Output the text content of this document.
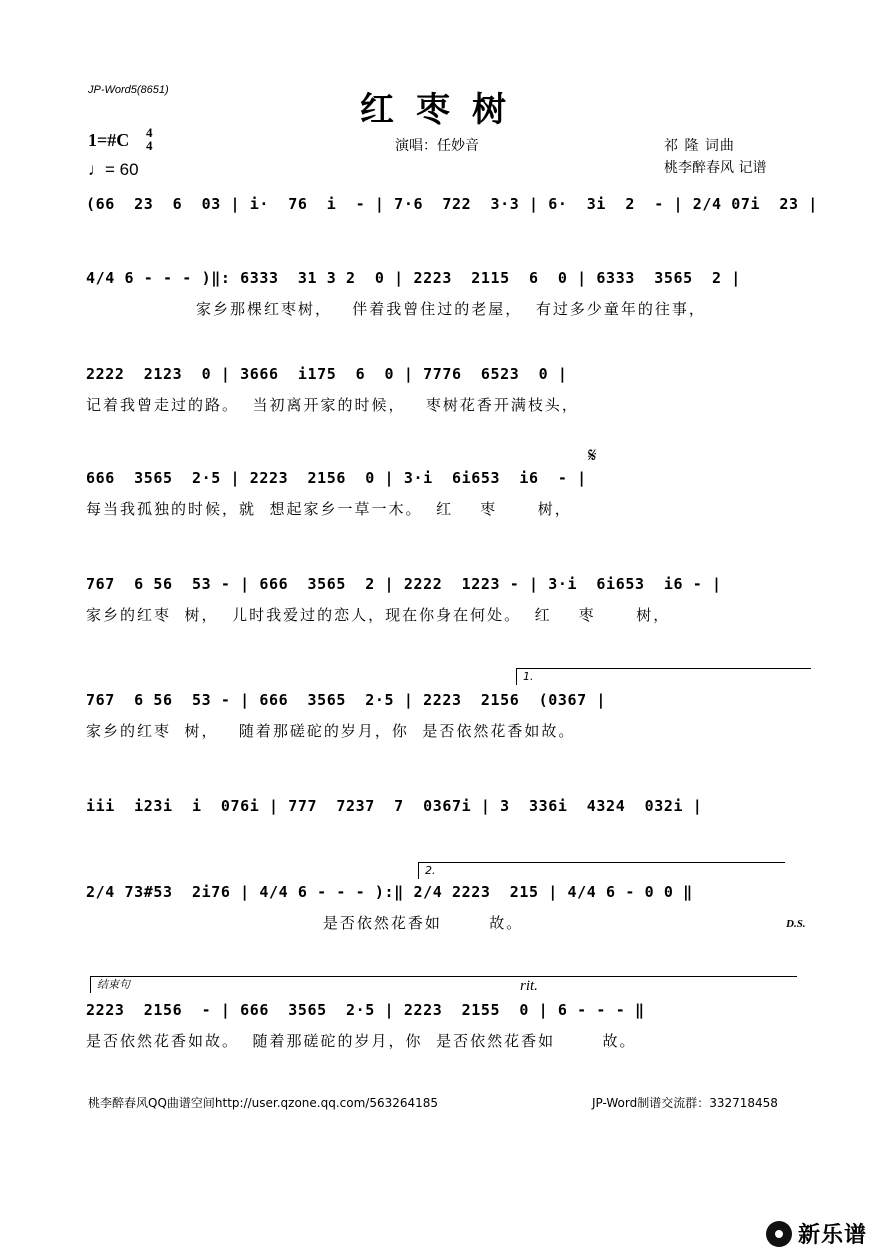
JP-Word5(8651)	红枣树
1=#C 4
4
♩= 60
演唱：任妙音	祁 隆 词曲
桃李醉春风 记谱
𝄋
rit.
D.S.
1.
2.
结束句
(66  23  6  03 | i·  76  i  - | 7·6  722  3·3 | 6·  3i  2  - | 2/4 07i  23 |
4/4 6 - - - )‖: 6333  31 3 2  0 | 2223  2115  6  0 | 6333  3565  2 |
家乡那棵红枣树，   伴着我曾住过的老屋，  有过多少童年的往事，
2222  2123  0 | 3666  i175  6  0 | 7776  6523  0 |
记着我曾走过的路。  当初离开家的时候，   枣树花香开满枝头，
666  3565  2·5 | 2223  2156  0 | 3·i  6i653  i6  - |
每当我孤独的时候，就  想起家乡一草一木。  红    枣      树，
767  6 56  53 - | 666  3565  2 | 2222  1223 - | 3·i  6i653  i6 - |
家乡的红枣  树，  儿时我爱过的恋人，现在你身在何处。  红    枣      树，
767  6 56  53 - | 666  3565  2·5 | 2223  2156  (0367 |
家乡的红枣  树，   随着那磋砣的岁月，你  是否依然花香如故。
iii  i23i  i  076i | 777  7237  7  0367i | 3  336i  4324  032i |
2/4 73#53  2i76 | 4/4 6 - - - ):‖ 2/4 2223  215 | 4/4 6 - 0 0 ‖
是否依然花香如       故。
2223  2156  - | 666  3565  2·5 | 2223  2155  0 | 6 - - - ‖
是否依然花香如故。  随着那磋砣的岁月，你  是否依然花香如       故。
桃李醉春风QQ曲谱空间http://user.qzone.qq.com/563264185	JP-Word制谱交流群：332718458
新乐谱
